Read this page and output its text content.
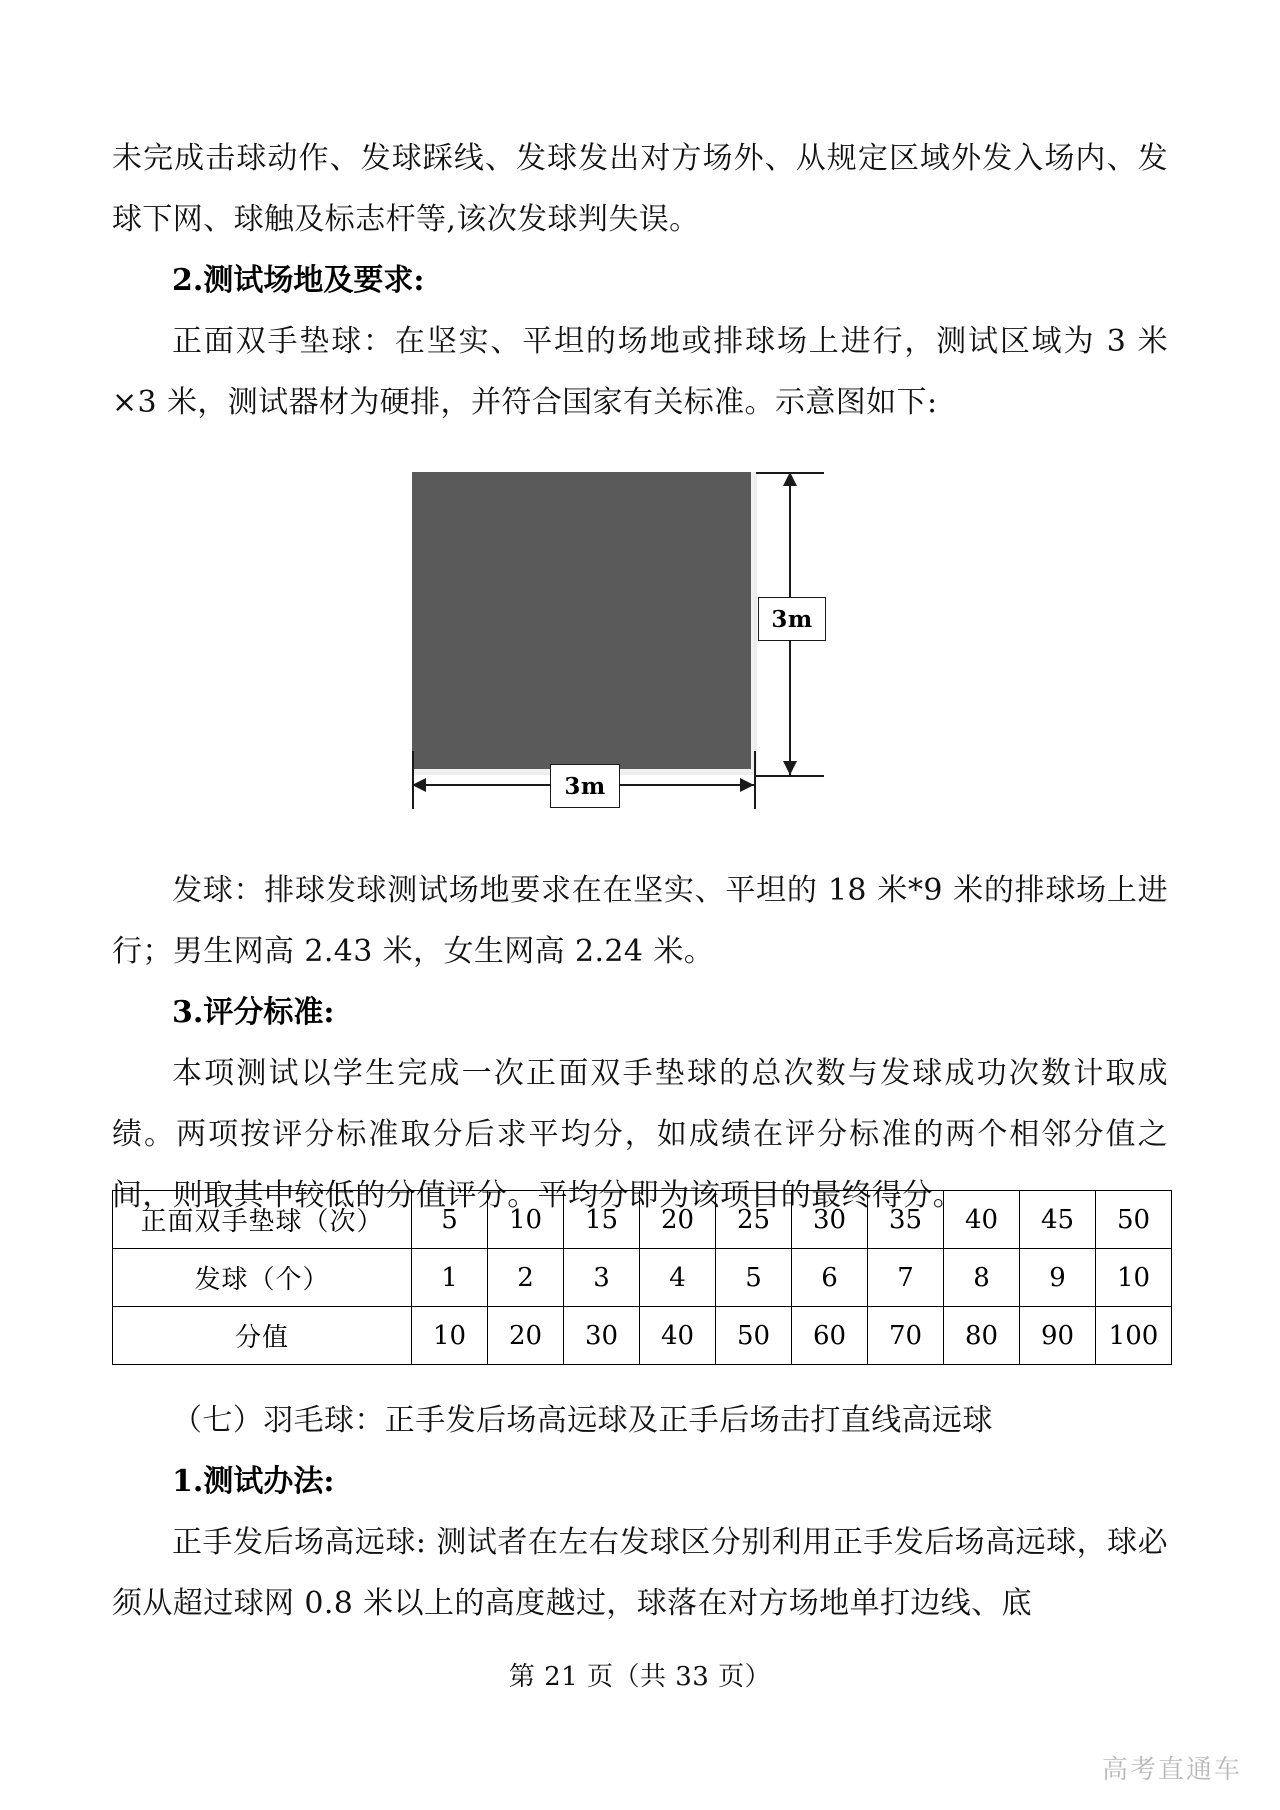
未完成击球动作、发球踩线、发球发出对方场外、从规定区域外发入场内、发球下网、球触及标志杆等,该次发球判失误。

2.测试场地及要求:

正面双手垫球：在坚实、平坦的场地或排球场上进行，测试区域为 3 米×3 米，测试器材为硬排，并符合国家有关标准。示意图如下:

3m
3m

发球：排球发球测试场地要求在在坚实、平坦的 18 米*9 米的排球场上进行；男生网高 2.43 米，女生网高 2.24 米。

3.评分标准:

本项测试以学生完成一次正面双手垫球的总次数与发球成功次数计取成绩。两项按评分标准取分后求平均分，如成绩在评分标准的两个相邻分值之间，则取其中较低的分值评分。平均分即为该项目的最终得分。

正面双手垫球（次）	5	10	15	20	25	30	35	40	45	50
发球（个）	1	2	3	4	5	6	7	8	9	10
分值	10	20	30	40	50	60	70	80	90	100

（七）羽毛球：正手发后场高远球及正手后场击打直线高远球

1.测试办法:

正手发后场高远球: 测试者在左右发球区分别利用正手发后场高远球，球必须从超过球网 0.8 米以上的高度越过，球落在对方场地单打边线、底

第 21 页（共 33 页）
高考直通车
